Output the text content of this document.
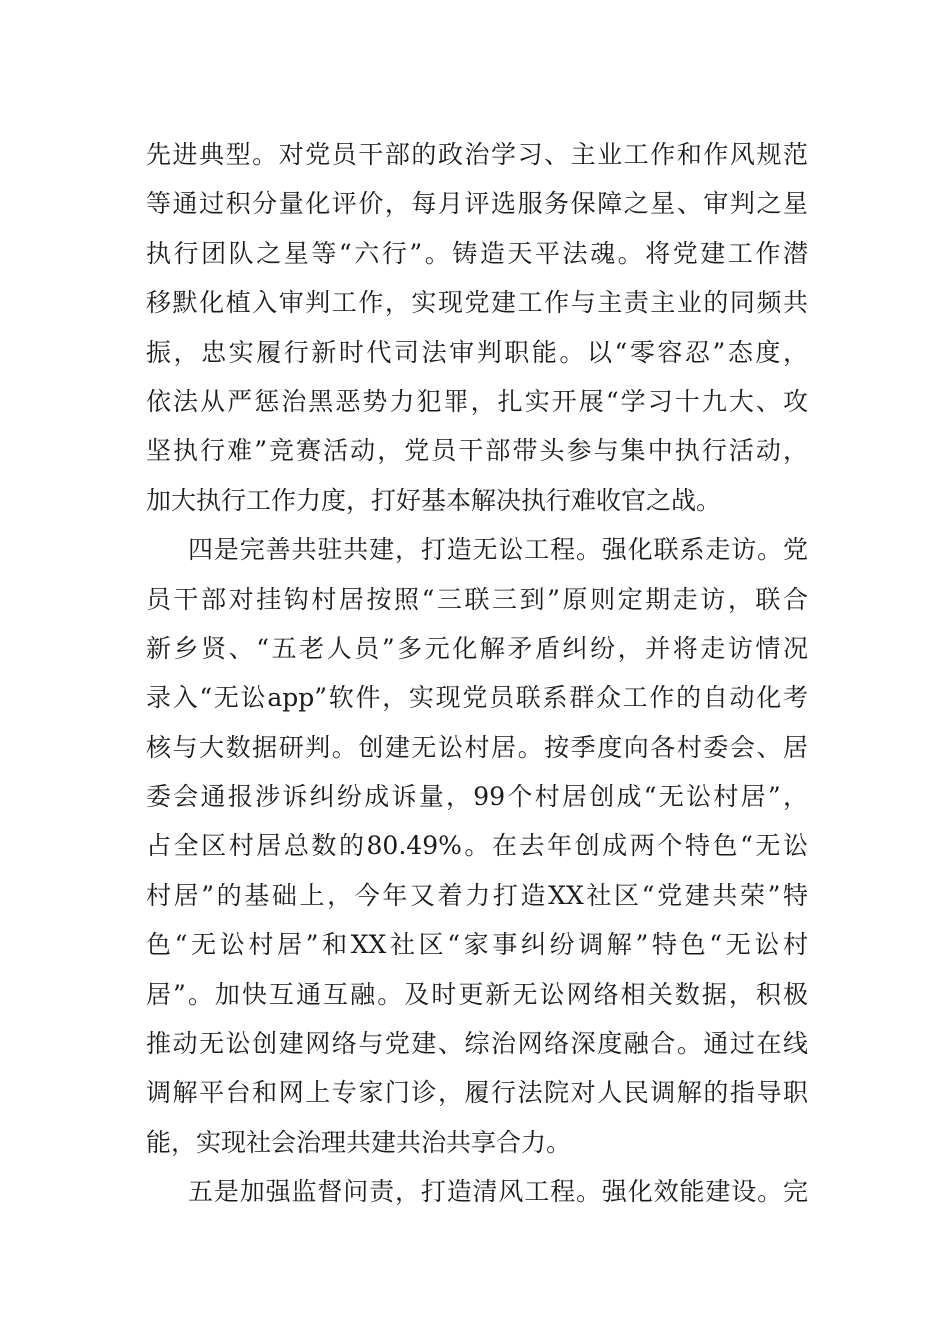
先进典型。对党员干部的政治学习、主业工作和作风规范
等通过积分量化评价，每月评选服务保障之星、审判之星
执行团队之星等“六行”。铸造天平法魂。将党建工作潜
移默化植入审判工作，实现党建工作与主责主业的同频共
振，忠实履行新时代司法审判职能。以“零容忍”态度，
依法从严惩治黑恶势力犯罪，扎实开展“学习十九大、攻
坚执行难”竞赛活动，党员干部带头参与集中执行活动，
加大执行工作力度，打好基本解决执行难收官之战。
四是完善共驻共建，打造无讼工程。强化联系走访。党
员干部对挂钩村居按照“三联三到”原则定期走访，联合
新乡贤、“五老人员”多元化解矛盾纠纷，并将走访情况
录入“无讼app”软件，实现党员联系群众工作的自动化考
核与大数据研判。创建无讼村居。按季度向各村委会、居
委会通报涉诉纠纷成诉量，99个村居创成“无讼村居”，
占全区村居总数的80.49%。在去年创成两个特色“无讼
村居”的基础上，今年又着力打造XX社区“党建共荣”特
色“无讼村居”和XX社区“家事纠纷调解”特色“无讼村
居”。加快互通互融。及时更新无讼网络相关数据，积极
推动无讼创建网络与党建、综治网络深度融合。通过在线
调解平台和网上专家门诊，履行法院对人民调解的指导职
能，实现社会治理共建共治共享合力。
五是加强监督问责，打造清风工程。强化效能建设。完
